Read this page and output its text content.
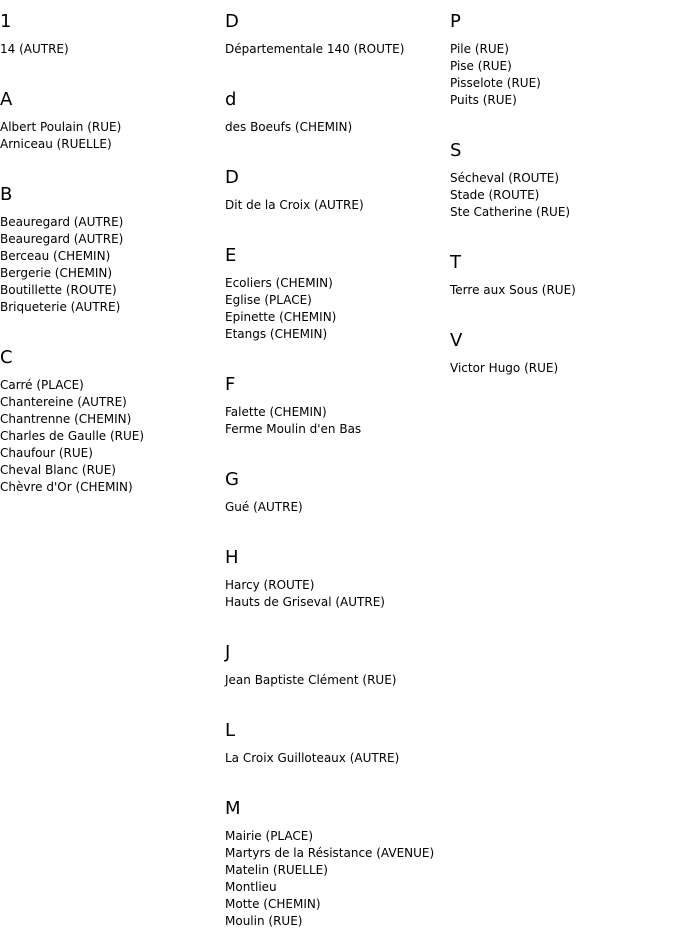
1
14 (AUTRE)
A
Albert Poulain (RUE)
Arniceau (RUELLE)
B
Beauregard (AUTRE)
Beauregard (AUTRE)
Berceau (CHEMIN)
Bergerie (CHEMIN)
Boutillette (ROUTE)
Briqueterie (AUTRE)
C
Carré (PLACE)
Chantereine (AUTRE)
Chantrenne (CHEMIN)
Charles de Gaulle (RUE)
Chaufour (RUE)
Cheval Blanc (RUE)
Chèvre d'Or (CHEMIN)
D
Départementale 140 (ROUTE)
d
des Boeufs (CHEMIN)
D
Dit de la Croix (AUTRE)
E
Ecoliers (CHEMIN)
Eglise (PLACE)
Epinette (CHEMIN)
Etangs (CHEMIN)
F
Falette (CHEMIN)
Ferme Moulin d'en Bas
G
Gué (AUTRE)
H
Harcy (ROUTE)
Hauts de Griseval (AUTRE)
J
Jean Baptiste Clément (RUE)
L
La Croix Guilloteaux (AUTRE)
M
Mairie (PLACE)
Martyrs de la Résistance (AVENUE)
Matelin (RUELLE)
Montlieu
Motte (CHEMIN)
Moulin (RUE)
P
Pile (RUE)
Pise (RUE)
Pisselote (RUE)
Puits (RUE)
S
Sécheval (ROUTE)
Stade (ROUTE)
Ste Catherine (RUE)
T
Terre aux Sous (RUE)
V
Victor Hugo (RUE)
